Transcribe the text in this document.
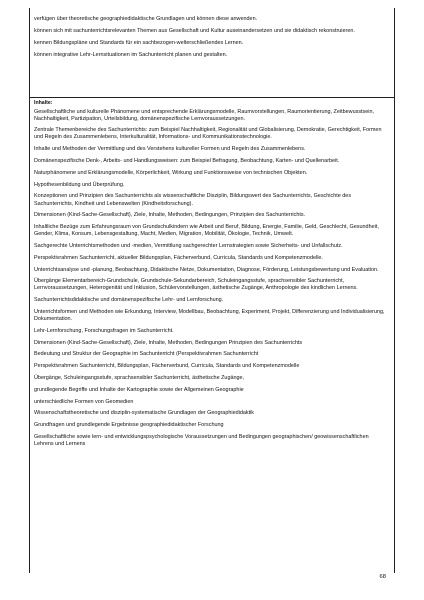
verfügen über theoretische geographiedidaktische Grundlagen und können diese anwenden.

können sich mit sachunterrichtsrelevanten Themen aus Gesellschaft und Kultur auseinandersetzen und sie didaktisch rekonstruieren.

kennen Bildungspläne und Standards für ein sachbezogen-welterschließendes Lernen.

können integrative Lehr-Lernsituationen im Sachunterricht planen und gestalten.

Inhalte:

Gesellschaftliche und kulturelle Phänomene und entsprechende Erklärungsmodelle, Raumvorstellungen, Raumorientierung, Zeitbewusstsein, Nachhaltigkeit, Partizipation, Urteilsbildung, domänenspezifische Lernvoraussetzungen.

Zentrale Themenbereiche des Sachunterrichts: zum Beispiel Nachhaltigkeit, Regionalität und Globalisierung, Demokratie, Gerechtigkeit, Formen und Regeln des Zusammenlebens, Interkulturalität, Informations- und Kommunikationstechnologie.

Inhalte und Methoden der Vermittlung und des Verstehens kultureller Formen und Regeln des Zusammenlebens.

Domänenspezifische Denk-, Arbeits- und Handlungsweisen: zum Beispiel Befragung, Beobachtung, Karten- und Quellenarbeit.

Naturphänomene und Erklärungsmodelle, Körperlichkeit, Wirkung und Funktionsweise von technischen Objekten.

Hypothesenbildung und Überprüfung.

Konzeptionen und Prinzipien des Sachunterrichts als wissenschaftliche Disziplin, Bildungswert des Sachunterrichts, Geschichte des Sachunterrichts, Kindheit und Lebenswelten (Kindheitsforschung).

Dimensionen (Kind-Sache-Gesellschaft), Ziele, Inhalte, Methoden, Bedingungen, Prinzipien des Sachunterrichts.

Inhaltliche Bezüge zum Erfahrungsraum von Grundschulkindern wie Arbeit und Beruf, Bildung, Energie, Familie, Geld, Geschlecht, Gesundheit, Gender, Klima, Konsum, Lebensgestaltung, Macht, Medien, Migration, Mobilität, Ökologie, Technik, Umwelt.

Sachgerechte Unterrichtsmethoden und -medien, Vermittlung sachgerechter Lernstrategien sowie Sicherheits- und Unfallschutz.

Perspektivrahmen Sachunterricht, aktueller Bildungsplan, Fächerverbund, Curricula, Standards und Kompetenzmodelle.

Unterrichtsanalyse und -planung, Beobachtung, Didaktische Netze, Dokumentation, Diagnose, Förderung, Leistungsbewertung und Evaluation.

Übergänge Elementarbereich-Grundschule, Grundschule-Sekundarbereich, Schuleingangsstufe, sprachsensibler Sachunterricht, Lernvoraussetzungen, Heterogenität und Inklusion, Schülervorstellungen, ästhetische Zugänge, Anthropologie des kindlichen Lernens.

Sachunterrichtsdidaktische und domänenspezifische Lehr- und Lernforschung.

Unterrichtsformen und Methoden wie Erkundung, Interview, Modellbau, Beobachtung, Experiment, Projekt, Differenzierung und Individualisierung, Dokumentation.

Lehr-Lernforschung, Forschungsfragen im Sachunterricht.

Dimensionen (Kind-Sache-Gesellschaft), Ziele, Inhalte, Methoden, Bedingungen Prinzipien des Sachunterrichts

Bedeutung und Struktur der Geographie im Sachunterricht (Perspektivrahmen Sachunterricht

Perspektivrahmen Sachunterricht, Bildungsplan, Fächerverbund, Curricula, Standards und Kompetenzmodelle

Übergänge, Schuleingangsstufe, sprachsensibler Sachunterricht, ästhetische Zugänge,

grundlegende Begriffe und Inhalte der Kartographie sowie der Allgemeinen Geographie

unterschiedliche Formen von Geomedien

Wissenschaftstheoretische und disziplin-systematische Grundlagen der Geographiedidaktik

Grundfragen und grundlegende Ergebnisse geographiedidaktischer Forschung

Gesellschaftliche sowie lern- und entwicklungspsychologische Voraussetzungen und Bedingungen geographischen/ geowissenschaftlichen Lehrens und Lernens

68
